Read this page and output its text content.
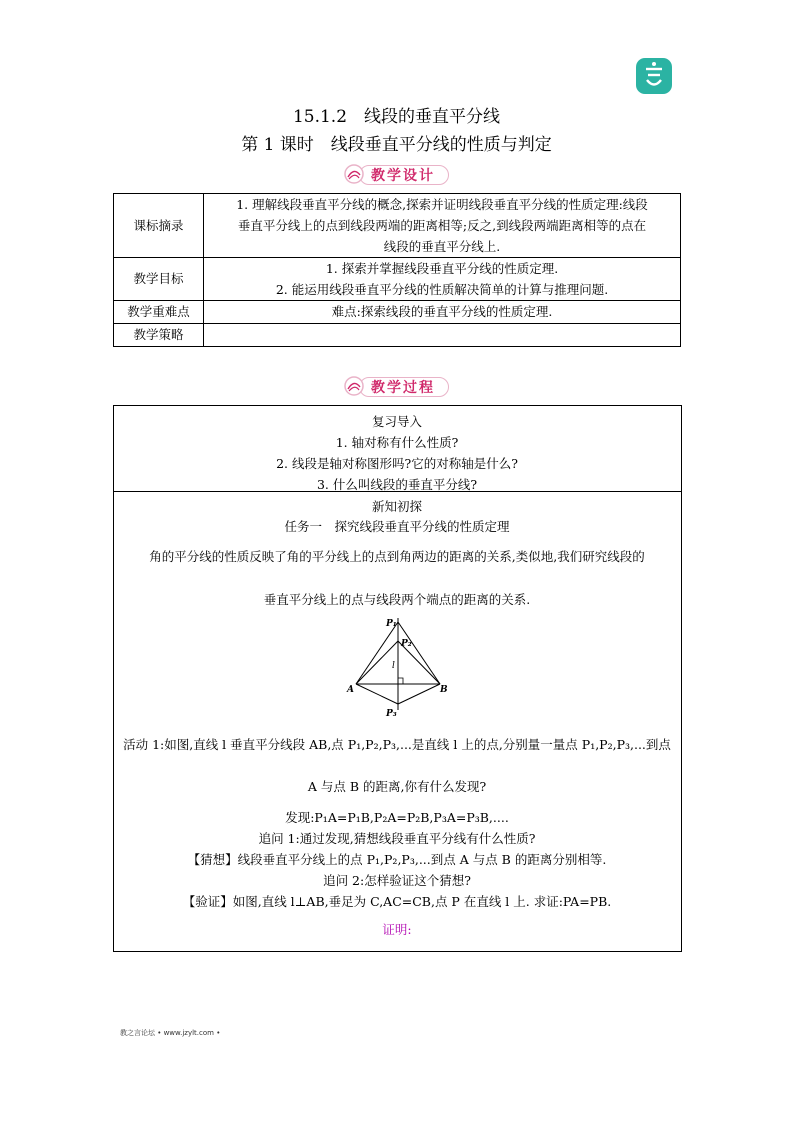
15.1.2　线段的垂直平分线
第 1 课时　线段垂直平分线的性质与判定
教学设计
课标摘录	1. 理解线段垂直平分线的概念,探索并证明线段垂直平分线的性质定理:线段
垂直平分线上的点到线段两端的距离相等;反之,到线段两端距离相等的点在
线段的垂直平分线上.

教学目标	1. 探索并掌握线段垂直平分线的性质定理.
2. 能运用线段垂直平分线的性质解决简单的计算与推理问题.

教学重难点	难点:探索线段的垂直平分线的性质定理.
教学策略	
教学过程
复习导入
1. 轴对称有什么性质?
2. 线段是轴对称图形吗?它的对称轴是什么?
3. 什么叫线段的垂直平分线?
新知初探
任务一　探究线段垂直平分线的性质定理
角的平分线的性质反映了角的平分线上的点到角两边的距离的关系,类似地,我们研究线段的
垂直平分线上的点与线段两个端点的距离的关系.
P₁
P₂
l
A	B
P₃
活动 1:如图,直线 l 垂直平分线段 AB,点 P₁,P₂,P₃,...是直线 l 上的点,分别量一量点 P₁,P₂,P₃,...到点
A 与点 B 的距离,你有什么发现?
发现:P₁A=P₁B,P₂A=P₂B,P₃A=P₃B,....
追问 1:通过发现,猜想线段垂直平分线有什么性质?
【猜想】线段垂直平分线上的点 P₁,P₂,P₃,...到点 A 与点 B 的距离分别相等.
追问 2:怎样验证这个猜想?
【验证】如图,直线 l⊥AB,垂足为 C,AC=CB,点 P 在直线 l 上. 求证:PA=PB.
证明:
教之言论坛 • www.jzylt.com •
